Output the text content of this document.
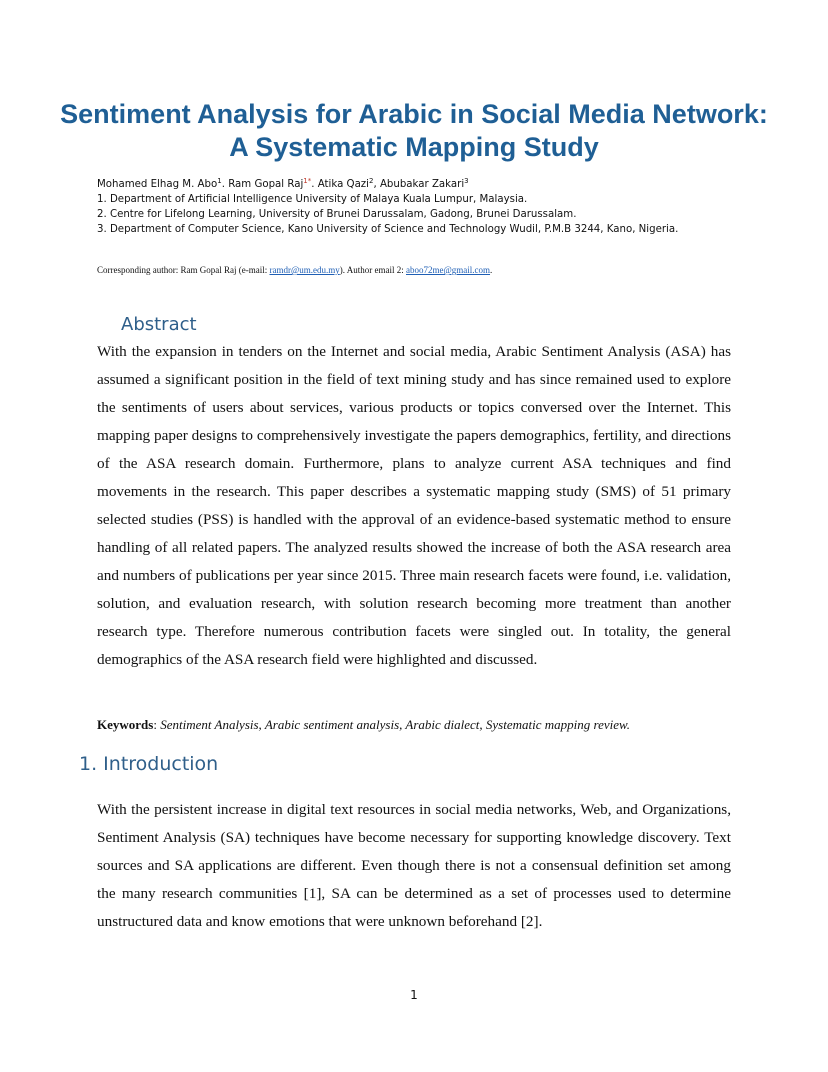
Sentiment Analysis for Arabic in Social Media Network: A Systematic Mapping Study

Mohamed Elhag M. Abo$^1$. Ram Gopal Raj$^{1*}$. Atika Qazi$^2$, Abubakar Zakari$^3$

1. Department of Artificial Intelligence University of Malaya Kuala Lumpur, Malaysia.

2. Centre for Lifelong Learning, University of Brunei Darussalam, Gadong, Brunei Darussalam.

3. Department of Computer Science, Kano University of Science and Technology Wudil, P.M.B 3244, Kano, Nigeria.

Corresponding author: Ram Gopal Raj (e-mail: ramdr@um.edu.my). Author email 2: aboo72me@gmail.com.

Abstract

With the expansion in tenders on the Internet and social media, Arabic Sentiment Analysis (ASA) has assumed a significant position in the field of text mining study and has since remained used to explore the sentiments of users about services, various products or topics conversed over the Internet. This mapping paper designs to comprehensively investigate the papers demographics, fertility, and directions of the ASA research domain. Furthermore, plans to analyze current ASA techniques and find movements in the research. This paper describes a systematic mapping study (SMS) of 51 primary selected studies (PSS) is handled with the approval of an evidence-based systematic method to ensure handling of all related papers. The analyzed results showed the increase of both the ASA research area and numbers of publications per year since 2015. Three main research facets were found, i.e. validation, solution, and evaluation research, with solution research becoming more treatment than another research type. Therefore numerous contribution facets were singled out. In totality, the general demographics of the ASA research field were highlighted and discussed.

Keywords: Sentiment Analysis, Arabic sentiment analysis, Arabic dialect, Systematic mapping review.

1. Introduction

With the persistent increase in digital text resources in social media networks, Web, and Organizations, Sentiment Analysis (SA) techniques have become necessary for supporting knowledge discovery. Text sources and SA applications are different. Even though there is not a consensual definition set among the many research communities [1], SA can be determined as a set of processes used to determine unstructured data and know emotions that were unknown beforehand [2].

1
